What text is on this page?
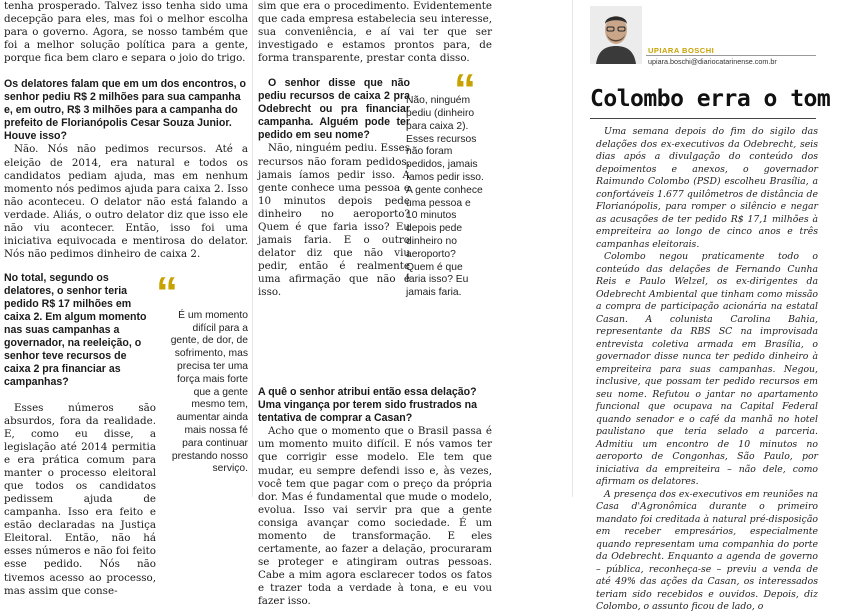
tenha prosperado. Talvez isso tenha sido uma decepção para eles, mas foi o melhor escolha para o governo. Agora, se nosso também que foi a melhor solução política para a gente, porque fica bem claro e separa o joio do trigo.

Os delatores falam que em um dos encontros, o senhor pediu R$ 2 milhões para sua campanha e, em outro, R$ 3 milhões para a campanha do prefeito de Florianópolis Cesar Souza Junior. Houve isso?

Não. Nós não pedimos recursos. Até a eleição de 2014, era natural e todos os candidatos pediam ajuda, mas em nenhum momento nós pedimos ajuda para caixa 2. Isso não aconteceu. O delator não está falando a verdade. Aliás, o outro delator diz que isso ele não viu acontecer. Então, isso foi uma iniciativa equivocada e mentirosa do delator. Nós não pedimos dinheiro de caixa 2.

No total, segundo os delatores, o senhor teria pedido R$ 17 milhões em caixa 2. Em algum momento nas suas campanhas a governador, na reeleição, o senhor teve recursos de caixa 2 pra financiar as campanhas?

“ É um momento difícil para a gente, de dor, de sofrimento, mas precisa ter uma força mais forte que a gente mesmo tem, aumentar ainda mais nossa fé para continuar prestando nosso serviço.

Esses números são absurdos, fora da realidade. E, como eu disse, a legislação até 2014 permitia e era prática comum para manter o processo eleitoral que todos os candidatos pedissem ajuda de campanha. Isso era feito e estão declaradas na Justiça Eleitoral. Então, não há esses números e não foi feito esse pedido. Nós não tivemos acesso ao processo, mas assim que conse-

sim que era o procedimento. Evidentemente que cada empresa estabelecia seu interesse, sua conveniência, e aí vai ter que ser investigado e estamos prontos para, de forma transparente, prestar conta disso.

O senhor disse que não pediu recursos de caixa 2 pra Odebrecht ou pra financiar campanha. Alguém pode ter pedido em seu nome?

Não, ninguém pediu. Esses recursos não foram pedidos, jamais íamos pedir isso. A gente conhece uma pessoa e 10 minutos depois pede dinheiro no aeroporto? Quem é que faria isso? Eu jamais faria. E o outro delator diz que não viu pedir, então é realmente uma afirmação que não é isso.

“
Não, ninguém pediu (dinheiro para caixa 2). Esses recursos não foram pedidos, jamais íamos pedir isso. A gente conhece uma pessoa e 10 minutos depois pede dinheiro no aeroporto? Quem é que faria isso? Eu jamais faria.

A quê o senhor atribui então essa delação? Uma vingança por terem sido frustrados na tentativa de comprar a Casan?

Acho que o momento que o Brasil passa é um momento muito difícil. E nós vamos ter que corrigir esse modelo. Ele tem que mudar, eu sempre defendi isso e, às vezes, você tem que pagar com o preço da própria dor. Mas é fundamental que mude o modelo, evolua. Isso vai servir pra que a gente consiga avançar como sociedade. É um momento de transformação. E eles certamente, ao fazer a delação, procuraram se proteger e atingiram outras pessoas. Cabe a mim agora esclarecer todos os fatos e trazer toda a verdade à tona, e eu vou fazer isso.

UPIARA BOSCHI
upiara.boschi@diariocatarinense.com.br
Colombo erra o tom

Uma semana depois do fim do sigilo das delações dos ex-executivos da Odebrecht, seis dias após a divulgação do conteúdo dos depoimentos e anexos, o governador Raimundo Colombo (PSD) escolheu Brasília, a confortáveis 1.677 quilômetros de distância de Florianópolis, para romper o silêncio e negar as acusações de ter pedido R$ 17,1 milhões à empreiteira ao longo de cinco anos e três campanhas eleitorais.

Colombo negou praticamente todo o conteúdo das delações de Fernando Cunha Reis e Paulo Welzel, os ex-dirigentes da Odebrecht Ambiental que tinham como missão a compra de participação acionária na estatal Casan. A colunista Carolina Bahia, representante da RBS SC na improvisada entrevista coletiva armada em Brasília, o governador disse nunca ter pedido dinheiro à empreiteira para suas campanhas. Negou, inclusive, que possam ter pedido recursos em seu nome. Refutou o jantar no apartamento funcional que ocupava na Capital Federal quando senador e o café da manhã no hotel paulistano que teria selado a parceria. Admitiu um encontro de 10 minutos no aeroporto de Congonhas, São Paulo, por iniciativa da empreiteira – não dele, como afirmam os delatores.

A presença dos ex-executivos em reuniões na Casa d'Agronômica durante o primeiro mandato foi creditada à natural pré-disposição em receber empresários, especialmente quando representam uma companhia do porte da Odebrecht. Enquanto a agenda de governo – pública, reconheça-se – previu a venda de até 49% das ações da Casan, os interessados teriam sido recebidos e ouvidos. Depois, diz Colombo, o assunto ficou de lado, o
